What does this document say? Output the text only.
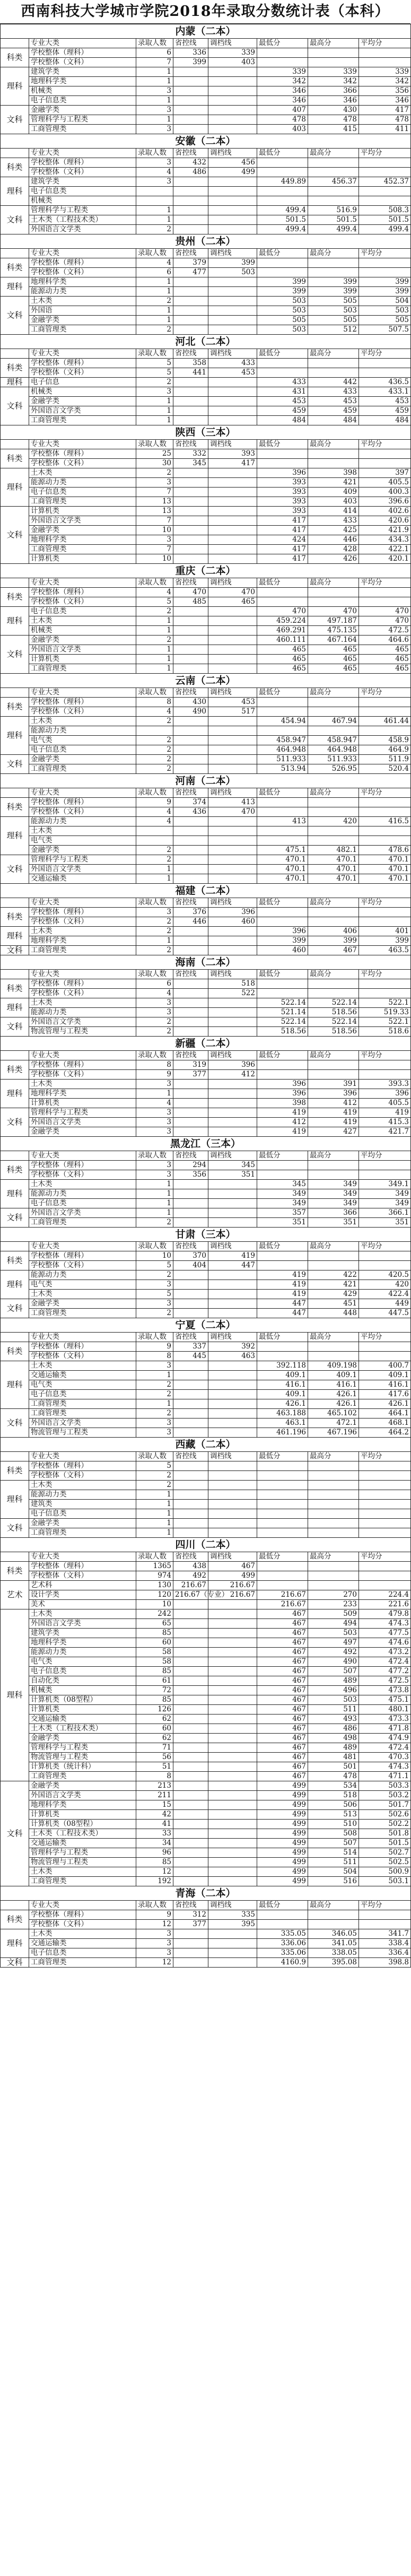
西南科技大学城市学院2018年录取分数统计表（本科）
内蒙（二本）							
	专业大类	录取人数	省控线	调档线	最低分	最高分	平均分
科类	学校整体（理科）	6	336	339			
	学校整体（文科）	7	399	403			
理科	建筑学类	1			339	339	339
	地理科学类	1			342	342	342
	机械类	3			346	366	356
	电子信息类	1			346	346	346
文科	金融学类	3			407	430	417
	管理科学与工程类	1			478	478	478
	工商管理类	3			403	415	411
安徽（二本）							
	专业大类	录取人数	省控线	调档线	最低分	最高分	平均分
科类	学校整体（理科）	3	432	456			
	学校整体（文科）	4	486	499			
理科	建筑学类	3			449.89	456.37	452.37
	电子信息类						
	机械类						
文科	管理科学与工程类	1			499.4	516.9	508.3
	土木类（工程技术类）	1			501.5	501.5	501.5
	外国语言文学类	2			499.4	499.4	499.4
贵州（二本）							
	专业大类	录取人数	省控线	调档线	最低分	最高分	平均分
科类	学校整体（理科）	4	379	399			
	学校整体（文科）	6	477	503			
理科	地理科学类	1			399	399	399
	能源动力类	1			399	399	399
文科	土木类	2			503	505	504
	外国语	1			503	503	503
	金融学类	1			505	505	505
	工商管理类	2			503	512	507.5
河北（二本）							
	专业大类	录取人数	省控线	调档线	最低分	最高分	平均分
科类	学校整体（理科）	5	358	433			
	学校整体（文科）	5	441	453			
理科	电子信息	2			433	442	436.5
文科	机械类	3			431	433	433.1
	金融学类	1			453	453	453
	外国语言文学类	1			459	459	459
	工商管理类	1			484	484	484
陕西（三本）							
	专业大类	录取人数	省控线	调档线	最低分	最高分	平均分
科类	学校整体（理科）	25	332	393			
	学校整体（文科）	30	345	417			
理科	土木类	2			396	398	397
	能源动力类	3			393	421	405.5
	电子信息类	7			393	409	400.3
	工商管理类	13			393	403	396.6
文科	计算机类	13			393	414	402.6
	外国语言文学类	7			417	433	420.6
	金融学类	10			417	425	421.9
	地理科学类	3			424	446	434.3
	工商管理类	7			417	428	422.1
	计算机类	10			417	426	420.1
重庆（二本）							
	专业大类	录取人数	省控线	调档线	最低分	最高分	平均分
科类	学校整体（理科）	4	470	470			
	学校整体（文科）	5	485	465			
理科	电子信息类	2			470	470	470
	土木类	1			459.224	497.187	470
	机械类	1			469.291	475.135	472.5
文科	金融学类	2			460.111	467.164	464.6
	外国语言文学类	1			465	465	465
	计算机类	1			465	465	465
	工商管理类	1			465	465	465
云南（二本）							
	专业大类	录取人数	省控线	调档线	最低分	最高分	平均分
科类	学校整体（理科）	8	430	453			
	学校整体（文科）	4	490	517			
理科	土木类	2			454.94	467.94	461.44
	能源动力类						
	电气类	2			458.947	458.947	458.9
	电子信息类	2			464.948	464.948	464.9
文科	金融学类	2			511.933	511.933	511.9
	工商管理类	2			513.94	526.95	520.4
河南（二本）							
	专业大类	录取人数	省控线	调档线	最低分	最高分	平均分
科类	学校整体（理科）	9	374	413			
	学校整体（文科）	4	436	470			
理科	能源动力类	4			413	420	416.5
	土木类						
	电气类						
	金融学类	2			475.1	482.1	478.6
文科	管理科学与工程类	2			470.1	470.1	470.1
	外国语言文学类	1			470.1	470.1	470.1
	交通运输类	1			470.1	470.1	470.1
福建（二本）							
	专业大类	录取人数	省控线	调档线	最低分	最高分	平均分
科类	学校整体（理科）	3	376	396			
	学校整体（文科）	2	446	460			
理科	土木类	2			396	406	401
	地理科学类	1			399	399	399
文科	工商管理类	2			460	467	463.5
海南（二本）							
	专业大类	录取人数	省控线	调档线	最低分	最高分	平均分
科类	学校整体（理科）	6		518			
	学校整体（文科）	4		522			
理科	土木类	3			522.14	522.14	522.1
	能源动力类	3			521.14	518.56	519.33
文科	外国语言文学类	2			522.14	522.14	522.1
	物流管理与工程类	2			518.56	518.56	518.6
新疆（二本）							
	专业大类	录取人数	省控线	调档线	最低分	最高分	平均分
科类	学校整体（理科）	8	319	396			
	学校整体（文科）	9	377	412			
理科	土木类	3			396	391	393.3
	地理科学类	1			396	396	396
	计算机类	4			398	412	405.5
文科	管理科学与工程类	3			419	419	419
	外国语言文学类	3			412	419	415.3
	金融学类	3			419	427	421.7
黑龙江（三本）							
	专业大类	录取人数	省控线	调档线	最低分	最高分	平均分
科类	学校整体（理科）	3	294	345			
	学校整体（文科）	3	356	351			
理科	土木类	1			345	349	349.1
	能源动力类	1			349	349	349
	电子信息类	1			349	349	349
文科	外国语言文学类	1			357	366	366.1
	工商管理类	2			351	351	351
甘肃（三本）							
	专业大类	录取人数	省控线	调档线	最低分	最高分	平均分
科类	学校整体（理科）	10	370	419			
	学校整体（文科）	5	404	447			
理科	能源动力类	2			419	422	420.5
	电气类	3			419	421	420
	土木类	5			419	429	422.4
文科	金融学类	3			447	451	449
	工商管理类	2			447	448	447.5
宁夏（二本）							
	专业大类	录取人数	省控线	调档线	最低分	最高分	平均分
科类	学校整体（理科）	9	337	392			
	学校整体（文科）	8	445	463			
理科	土木类	3			392.118	409.198	400.7
	交通运输类	1			409.1	409.1	409.1
	电气类	2			416.1	416.1	416.1
	电子信息类	2			409.1	426.1	417.6
	工商管理类	1			426.1	426.1	426.1
文科	工商管理类	2			463.188	465.102	464.1
	外国语言文学类	3			463.1	472.1	468.1
	物流管理与工程类	3			461.196	467.196	464.2
西藏（二本）							
	专业大类	录取人数	省控线	调档线	最低分	最高分	平均分
科类	学校整体（理科）	5					
	学校整体（文科）	2					
理科	土木类	2					
	能源动力类	1					
	建筑类	1					
	电子信息类	1					
文科	金融学类	1					
	工商管理类	1					
四川（二本）							
	专业大类	录取人数	省控线	调档线	最低分	最高分	平均分
科类	学校整体（理科）	1365	438	467			
	学校整体（文科）	974	492	499			
艺术	艺术科	130	216.67	216.67			
	设计学类	120	216.67（专业）	216.67	216.67	270	224.4
	美术	10			216.67	233	221.6
理科	土木类	242			467	509	479.8
	外国语言文学类	65			467	494	474.3
	建筑学类	85			467	503	477.5
	地理科学类	60			467	497	474.6
	能源动力类	58			467	492	473.2
	电气类	58			467	490	472.4
	电子信息类	85			467	507	477.2
	自动化类	61			467	489	472.5
	机械类	72			467	496	473.8
	计算机类（08型程）	85			467	503	475.1
	计算机类	126			467	511	480.1
	交通运输类	62			467	493	473.3
	土木类（工程技术类）	60			467	486	471.8
	金融学类	62			467	498	474.9
	管理科学与工程类	71			467	489	472.4
	物流管理与工程类	56			467	481	470.3
	计算机类（统计科）	51			467	501	474.3
	工商管理类	8			467	478	471.1
文科	金融学类	213			499	534	503.3
	外国语言文学类	211			499	518	503.2
	地理科学类	15			499	506	501.7
	计算机类	42			499	513	502.6
	计算机类（08型程）	41			499	510	502.2
	土木类（工程技术类）	33			499	508	501.8
	交通运输类	34			499	507	501.5
	管理科学与工程类	96			499	514	502.7
	物流管理与工程类	85			499	511	502.5
	土木类	12			499	504	500.9
	工商管理类	192			499	516	503.1
青海（二本）							
	专业大类	录取人数	省控线	调档线	最低分	最高分	平均分
科类	学校整体（理科）	9	312	335			
	学校整体（文科）	12	377	395			
理科	土木类	3			335.05	346.05	341.7
	交通运输类	3			336.06	341.05	338.4
	电子信息类	3			335.06	338.05	336.4
文科	工商管理类	12			4160.9	395.08	398.8
